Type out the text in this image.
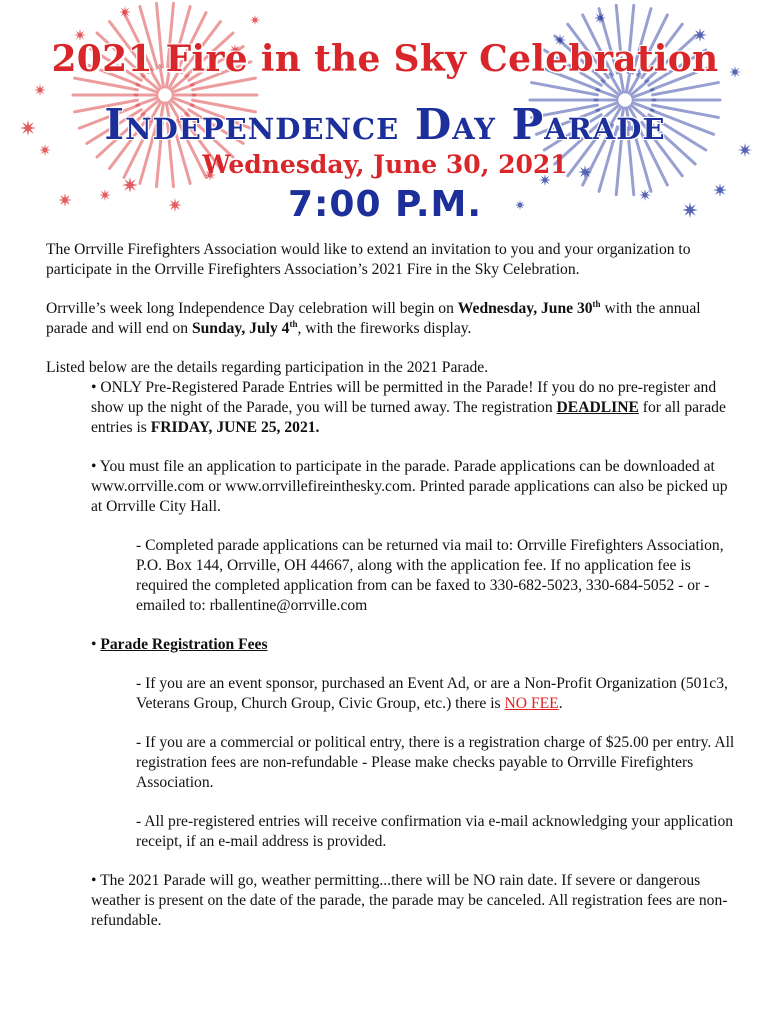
2021 Fire in the Sky Celebration
Independence Day Parade
Wednesday, June 30, 2021
7:00 P.M.

The Orrville Firefighters Association would like to extend an invitation to you and your organization to participate in the Orrville Firefighters Association’s 2021 Fire in the Sky Celebration.

Orrville’s week long Independence Day celebration will begin on Wednesday, June 30th with the annual parade and will end on Sunday, July 4th, with the fireworks display.

Listed below are the details regarding participation in the 2021 Parade.

• ONLY Pre-Registered Parade Entries will be permitted in the Parade! If you do no pre-register and show up the night of the Parade, you will be turned away. The registration DEADLINE for all parade entries is FRIDAY, JUNE 25, 2021.

• You must file an application to participate in the parade. Parade applications can be downloaded at www.orrville.com or www.orrvillefireinthesky.com. Printed parade applications can also be picked up at Orrville City Hall.

- Completed parade applications can be returned via mail to: Orrville Firefighters Association, P.O. Box 144, Orrville, OH 44667, along with the application fee. If no application fee is required the completed application from can be faxed to 330-682-5023, 330-684-5052 - or - emailed to: rballentine@orrville.com

• Parade Registration Fees

- If you are an event sponsor, purchased an Event Ad, or are a Non-Profit Organization (501c3, Veterans Group, Church Group, Civic Group, etc.) there is NO FEE.

- If you are a commercial or political entry, there is a registration charge of $25.00 per entry. All registration fees are non-refundable - Please make checks payable to Orrville Firefighters Association.

- All pre-registered entries will receive confirmation via e-mail acknowledging your application receipt, if an e-mail address is provided.

• The 2021 Parade will go, weather permitting...there will be NO rain date. If severe or dangerous weather is present on the date of the parade, the parade may be canceled. All registration fees are non-refundable.
